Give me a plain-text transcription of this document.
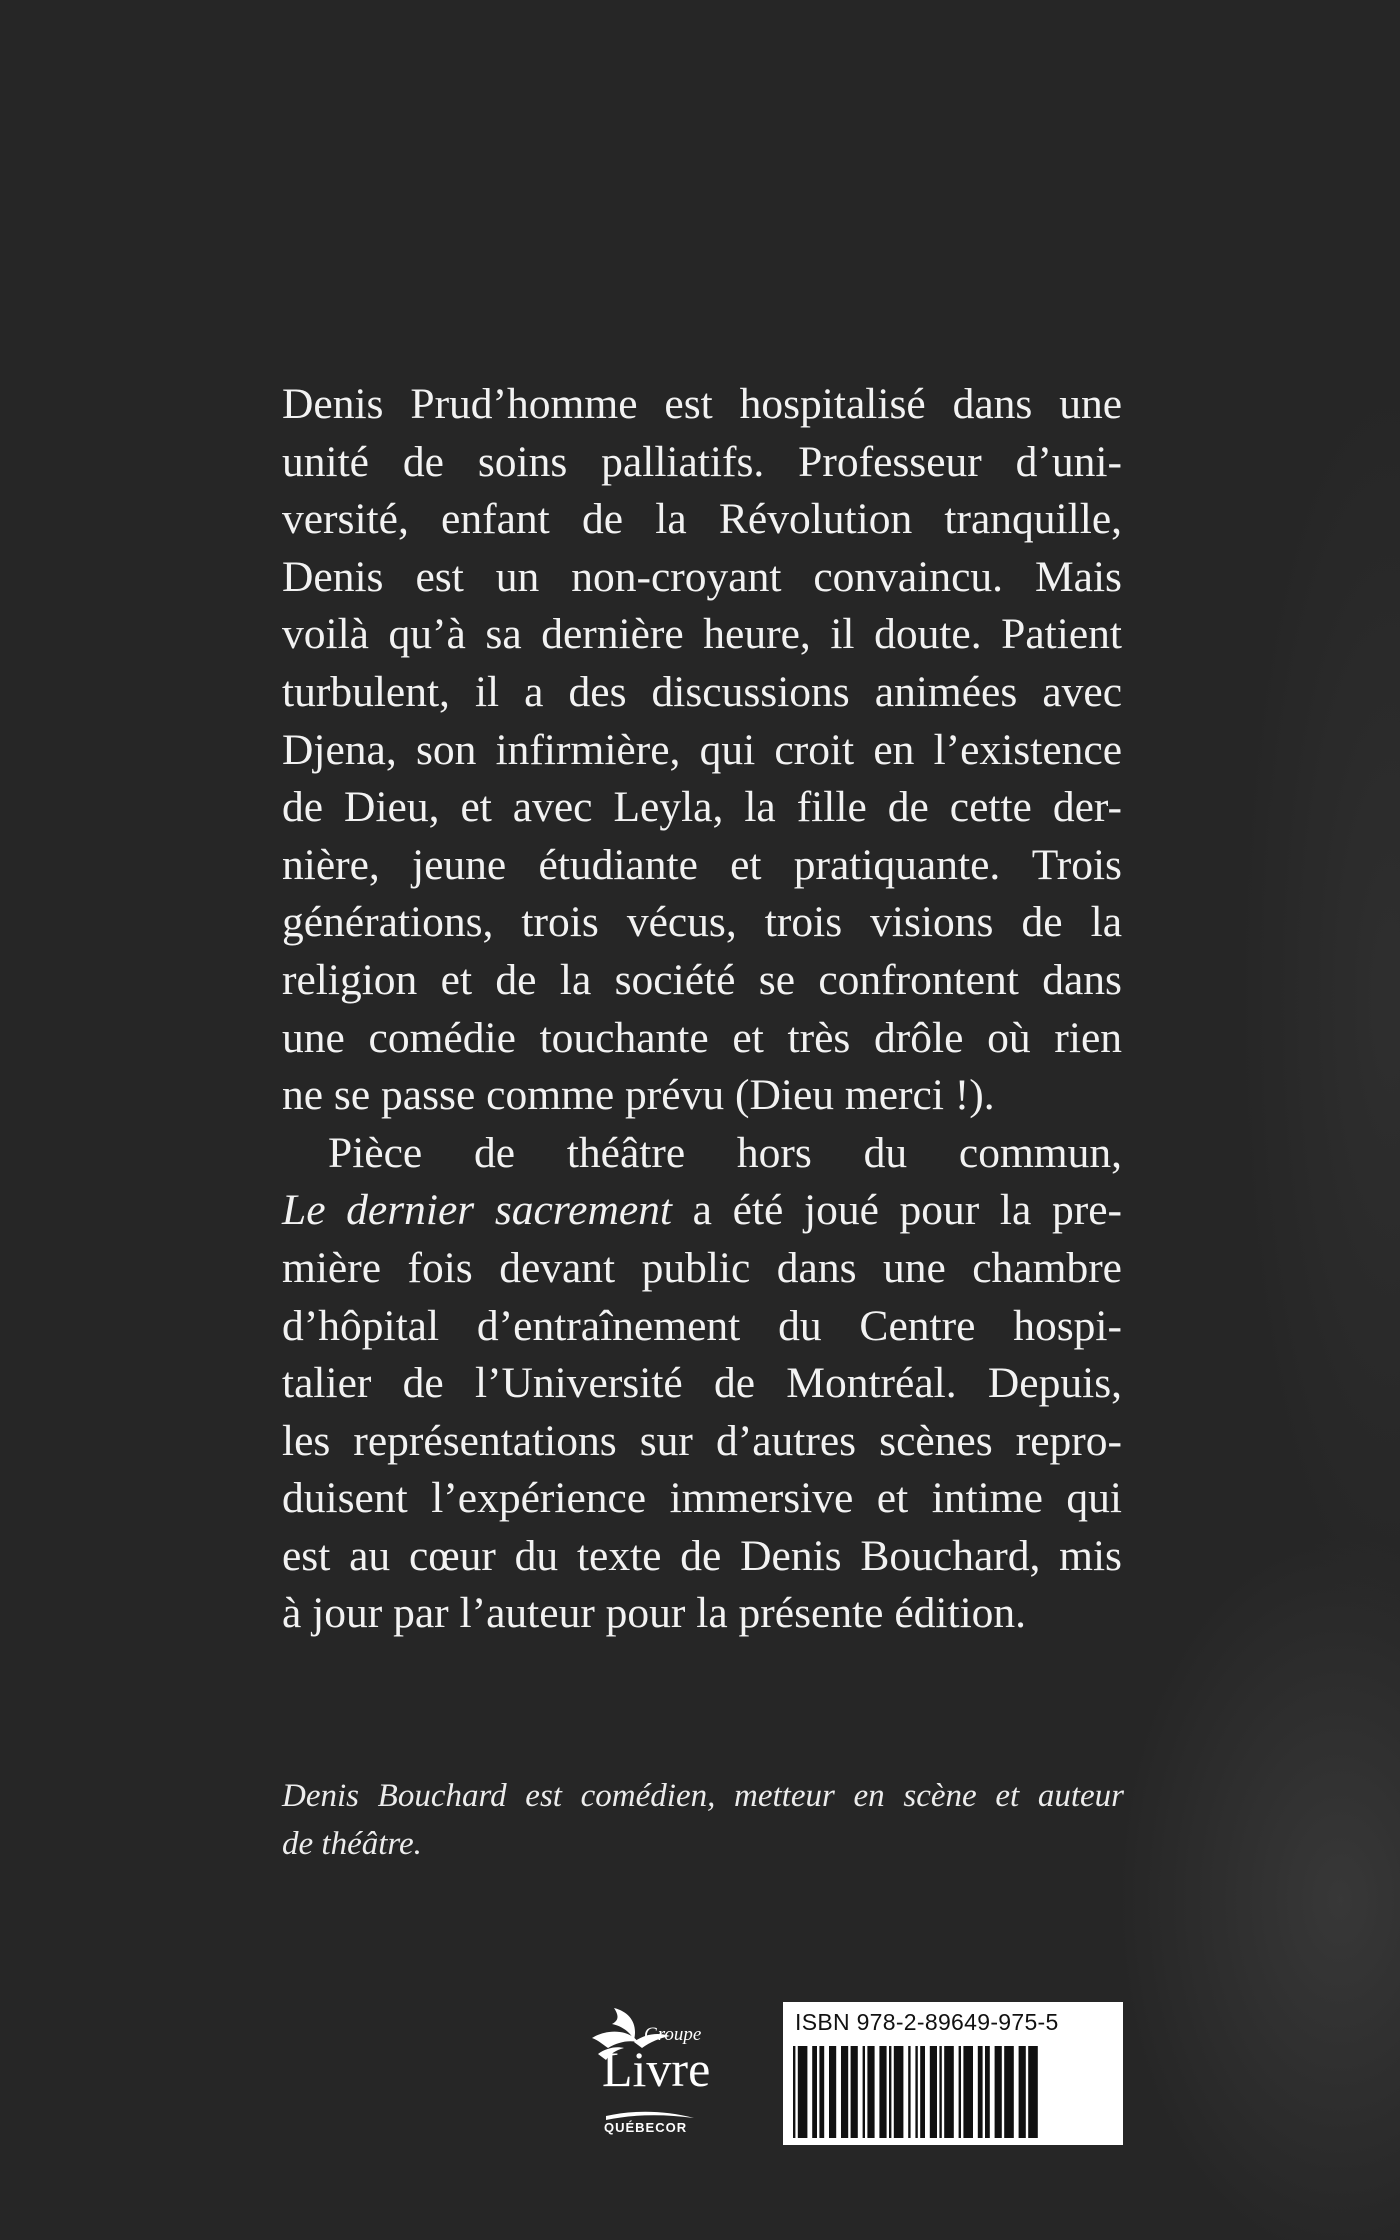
Denis Prud’homme est hospitalisé dans une
unité de soins palliatifs. Professeur d’uni-
versité, enfant de la Révolution tranquille,
Denis est un non-croyant convaincu. Mais
voilà qu’à sa dernière heure, il doute. Patient
turbulent, il a des discussions animées avec
Djena, son infirmière, qui croit en l’existence
de Dieu, et avec Leyla, la fille de cette der-
nière, jeune étudiante et pratiquante. Trois
générations, trois vécus, trois visions de la
religion et de la société se confrontent dans
une comédie touchante et très drôle où rien
ne se passe comme prévu (Dieu merci !).

Pièce de théâtre hors du commun,
Le dernier sacrement a été joué pour la pre-
mière fois devant public dans une chambre
d’hôpital d’entraînement du Centre hospi-
talier de l’Université de Montréal. Depuis,
les représentations sur d’autres scènes repro-
duisent l’expérience immersive et intime qui
est au cœur du texte de Denis Bouchard, mis
à jour par l’auteur pour la présente édition.

Denis Bouchard est comédien, metteur en scène et auteur
de théâtre.
Groupe
Livre
QUÉBECOR
ISBN 978-2-89649-975-5
